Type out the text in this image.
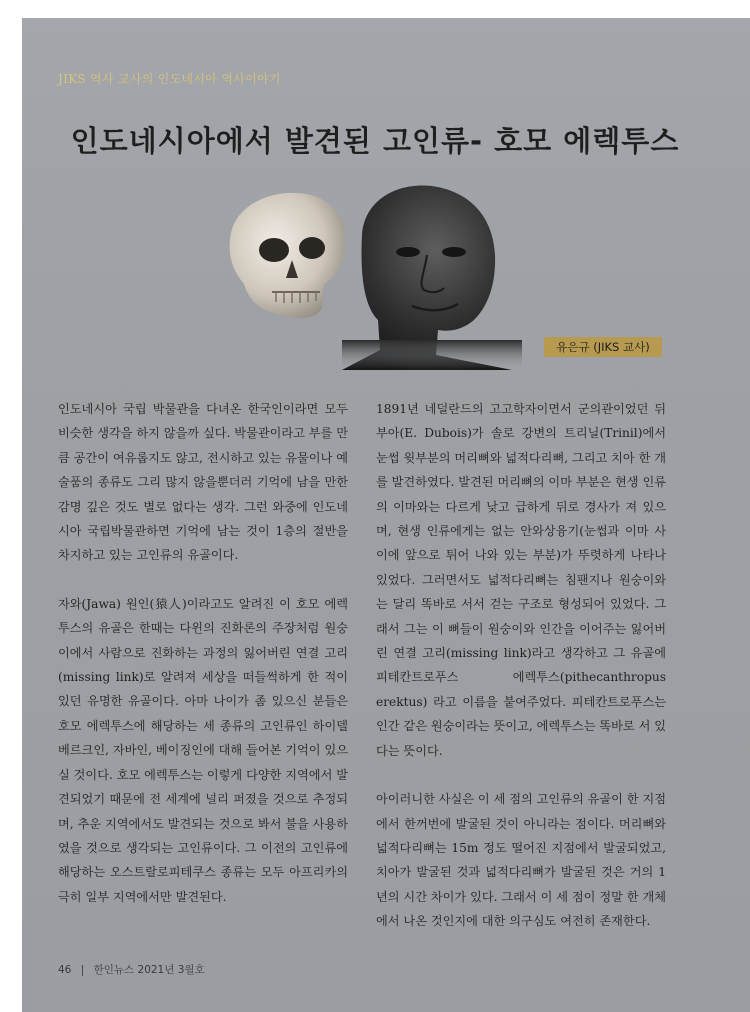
JIKS 역사 교사의 인도네시아 역사이야기
인도네시아에서 발견된 고인류- 호모 에렉투스
유은규 (JIKS 교사)

인도네시아 국립 박물관을 다녀온 한국인이라면 모두 비슷한 생각을 하지 않을까 싶다. 박물관이라고 부를 만큼 공간이 여유롭지도 않고, 전시하고 있는 유물이나 예술품의 종류도 그리 많지 않을뿐더러 기억에 남을 만한 감명 깊은 것도 별로 없다는 생각. 그런 와중에 인도네시아 국립박물관하면 기억에 남는 것이 1층의 절반을 차지하고 있는 고인류의 유골이다.

자와(Jawa) 원인(猿人)이라고도 알려진 이 호모 에렉투스의 유골은 한때는 다윈의 진화론의 주장처럼 원숭이에서 사람으로 진화하는 과정의 잃어버린 연결 고리(missing link)로 알려져 세상을 떠들썩하게 한 적이 있던 유명한 유골이다. 아마 나이가 좀 있으신 분들은 호모 에렉투스에 해당하는 세 종류의 고인류인 하이델베르크인, 자바인, 베이징인에 대해 들어본 기억이 있으실 것이다. 호모 에렉투스는 이렇게 다양한 지역에서 발견되었기 때문에 전 세계에 널리 퍼졌을 것으로 추정되며, 추운 지역에서도 발견되는 것으로 봐서 불을 사용하였을 것으로 생각되는 고인류이다. 그 이전의 고인류에 해당하는 오스트랄로피테쿠스 종류는 모두 아프리카의 극히 일부 지역에서만 발견된다.

1891년 네덜란드의 고고학자이면서 군의관이었던 뒤부아(E. Dubois)가 솔로 강변의 트리닐(Trinil)에서 눈썹 윗부분의 머리뼈와 넓적다리뼈, 그리고 치아 한 개를 발견하였다. 발견된 머리뼈의 이마 부분은 현생 인류의 이마와는 다르게 낮고 급하게 뒤로 경사가 져 있으며, 현생 인류에게는 없는 안와상융기(눈썹과 이마 사이에 앞으로 튀어 나와 있는 부분)가 뚜렷하게 나타나 있었다. 그러면서도 넓적다리뼈는 침팬지나 원숭이와는 달리 똑바로 서서 걷는 구조로 형성되어 있었다. 그래서 그는 이 뼈들이 원숭이와 인간을 이어주는 잃어버린 연결 고리(missing link)라고 생각하고 그 유골에 피테칸트로푸스 에렉투스(pithecanthropus erektus) 라고 이름을 붙여주었다. 피테칸트로푸스는 인간 같은 원숭이라는 뜻이고, 에렉투스는 똑바로 서 있다는 뜻이다.

아이러니한 사실은 이 세 점의 고인류의 유골이 한 지점에서 한꺼번에 발굴된 것이 아니라는 점이다. 머리뼈와 넓적다리뼈는 15m 정도 떨어진 지점에서 발굴되었고, 치아가 발굴된 것과 넓적다리뼈가 발굴된 것은 거의 1년의 시간 차이가 있다. 그래서 이 세 점이 정말 한 개체에서 나온 것인지에 대한 의구심도 여전히 존재한다.

46 | 한인뉴스 2021년 3월호
